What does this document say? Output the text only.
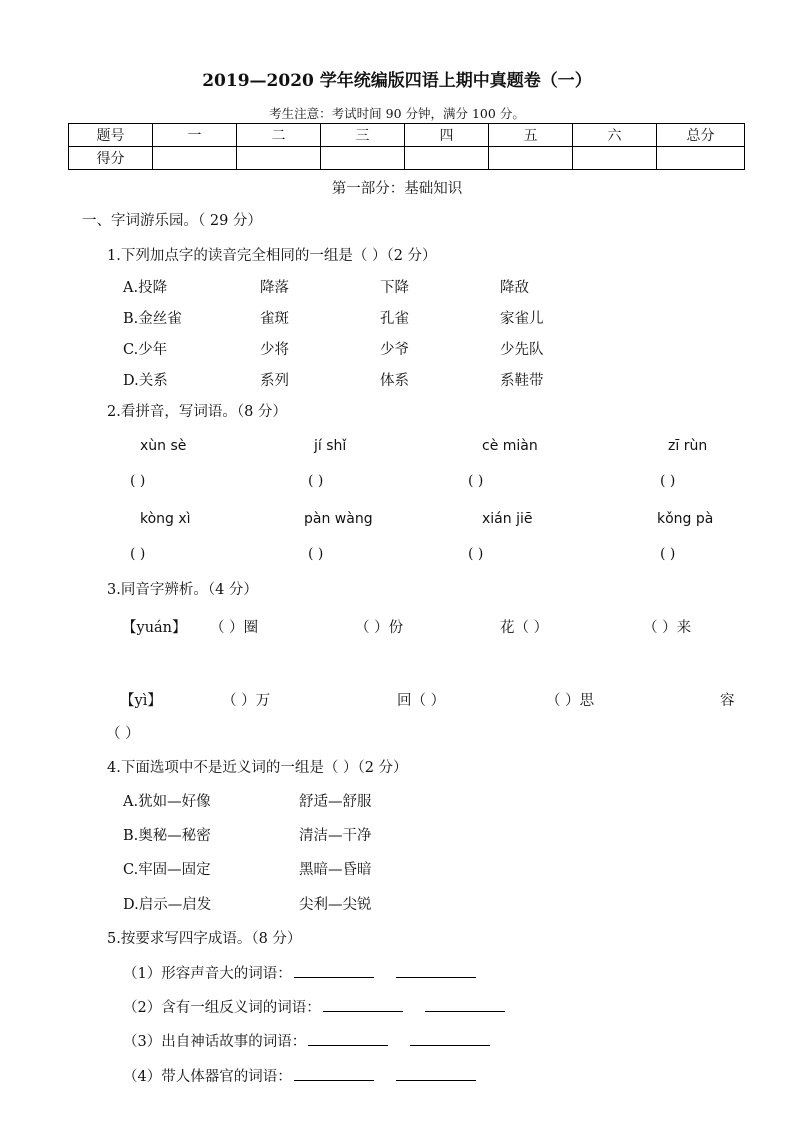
2019—2020 学年统编版四语上期中真题卷（一）
考生注意：考试时间 90 分钟，满分 100 分。
题号	一	二	三	四	五	六	总分
得分							
第一部分：基础知识
一、字词游乐园。（ 29 分）
1.下列加点字的读音完全相同的一组是（ ）（2 分）
A.投降	降落	下降	降敌
B.金丝雀	雀斑	孔雀	家雀儿
C.少年	少将	少爷	少先队
D.关系	系列	体系	系鞋带
2.看拼音，写词语。（8 分）
xùn sè	jí shǐ	cè miàn	zī rùn
( )	( )	( )	( )
kòng xì	pàn wàng	xián jiē	kǒng pà
( )	( )	( )	( )
3.同音字辨析。（4 分）
【yuán】 （ ）圈	（ ）份	花（ ）	（ ）来
【yì】	（ ）万	回（ ）	（ ）思	容
（ ）
4.下面选项中不是近义词的一组是（ ）（2 分）
A.犹如—好像	舒适—舒服
B.奥秘—秘密	清洁—干净
C.牢固—固定	黑暗—昏暗
D.启示—启发	尖利—尖锐
5.按要求写四字成语。（8 分）
（1）形容声音大的词语：
（2）含有一组反义词的词语：
（3）出自神话故事的词语：
（4）带人体器官的词语：
